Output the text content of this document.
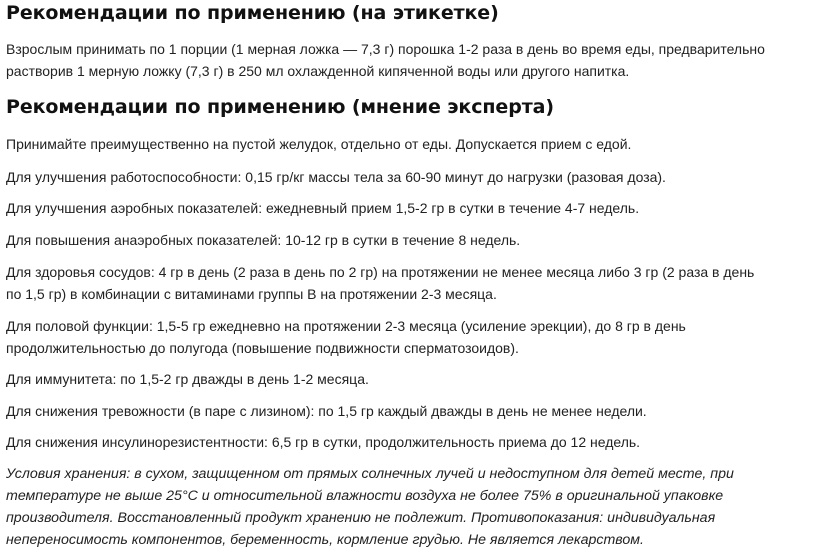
Рекомендации по применению (на этикетке)
Взрослым принимать по 1 порции (1 мерная ложка — 7,3 г) порошка 1-2 раза в день во время еды, предварительно
растворив 1 мерную ложку (7,3 г) в 250 мл охлажденной кипяченной воды или другого напитка.
Рекомендации по применению (мнение эксперта)
Принимайте преимущественно на пустой желудок, отдельно от еды. Допускается прием с едой.
Для улучшения работоспособности: 0,15 гр/кг массы тела за 60-90 минут до нагрузки (разовая доза).
Для улучшения аэробных показателей: ежедневный прием 1,5-2 гр в сутки в течение 4-7 недель.
Для повышения анаэробных показателей: 10-12 гр в сутки в течение 8 недель.
Для здоровья сосудов: 4 гр в день (2 раза в день по 2 гр) на протяжении не менее месяца либо 3 гр (2 раза в день
по 1,5 гр) в комбинации с витаминами группы В на протяжении 2-3 месяца.
Для половой функции: 1,5-5 гр ежедневно на протяжении 2-3 месяца (усиление эрекции), до 8 гр в день
продолжительностью до полугода (повышение подвижности сперматозоидов).
Для иммунитета: по 1,5-2 гр дважды в день 1-2 месяца.
Для снижения тревожности (в паре с лизином): по 1,5 гр каждый дважды в день не менее недели.
Для снижения инсулинорезистентности: 6,5 гр в сутки, продолжительность приема до 12 недель.
Условия хранения: в сухом, защищенном от прямых солнечных лучей и недоступном для детей месте, при
температуре не выше 25°С и относительной влажности воздуха не более 75% в оригинальной упаковке
производителя. Восстановленный продукт хранению не подлежит. Противопоказания: индивидуальная
непереносимость компонентов, беременность, кормление грудью. Не является лекарством.
